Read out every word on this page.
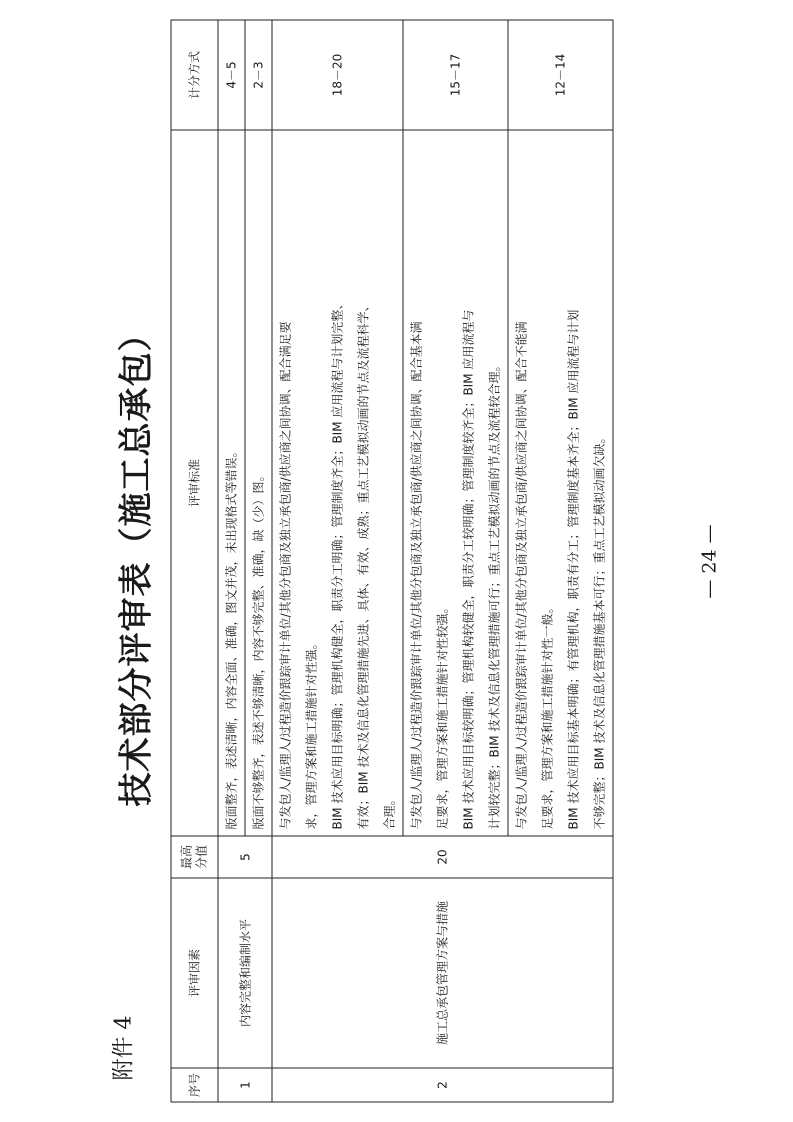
附件 4
技术部分评审表（施工总承包）
序号	评审因素	最高分值	评审标准	计分方式
1	内容完整和编制水平	5	版面整齐，表述清晰，内容全面、准确，图文并茂，未出现格式等错误。	4－5

			版面不够整齐，表述不够清晰，内容不够完整、准确，缺（少）图。	2－3
2	施工总承包管理方案与措施	20	与发包人/监理人/过程造价跟踪审计单位/其他分包商及独立承包商/供应商之间协调、配合满足要 求，管理方案和施工措施针对性强。 BIM 技术应用目标明确；管理机构健全，职责分工明确；管理制度齐全；BIM 应用流程与计划完整、 有效；BIM 技术及信息化管理措施先进、具体、有效、成熟；重点工艺模拟动画的节点及流程科学、 合理。	18－20

			与发包人/监理人/过程造价跟踪审计单位/其他分包商及独立承包商/供应商之间协调、配合基本满 足要求，管理方案和施工措施针对性较强。 BIM 技术应用目标较明确；管理机构较健全，职责分工较明确；管理制度较齐全；BIM 应用流程与 计划较完整；BIM 技术及信息化管理措施可行；重点工艺模拟动画的节点及流程较合理。	15－17

			与发包人/监理人/过程造价跟踪审计单位/其他分包商及独立承包商/供应商之间协调、配合不能满 足要求，管理方案和施工措施针对性一般。 BIM 技术应用目标基本明确；有管理机构，职责有分工；管理制度基本齐全；BIM 应用流程与计划 不够完整；BIM 技术及信息化管理措施基本可行；重点工艺模拟动画欠缺。	12－14
— 24 —
